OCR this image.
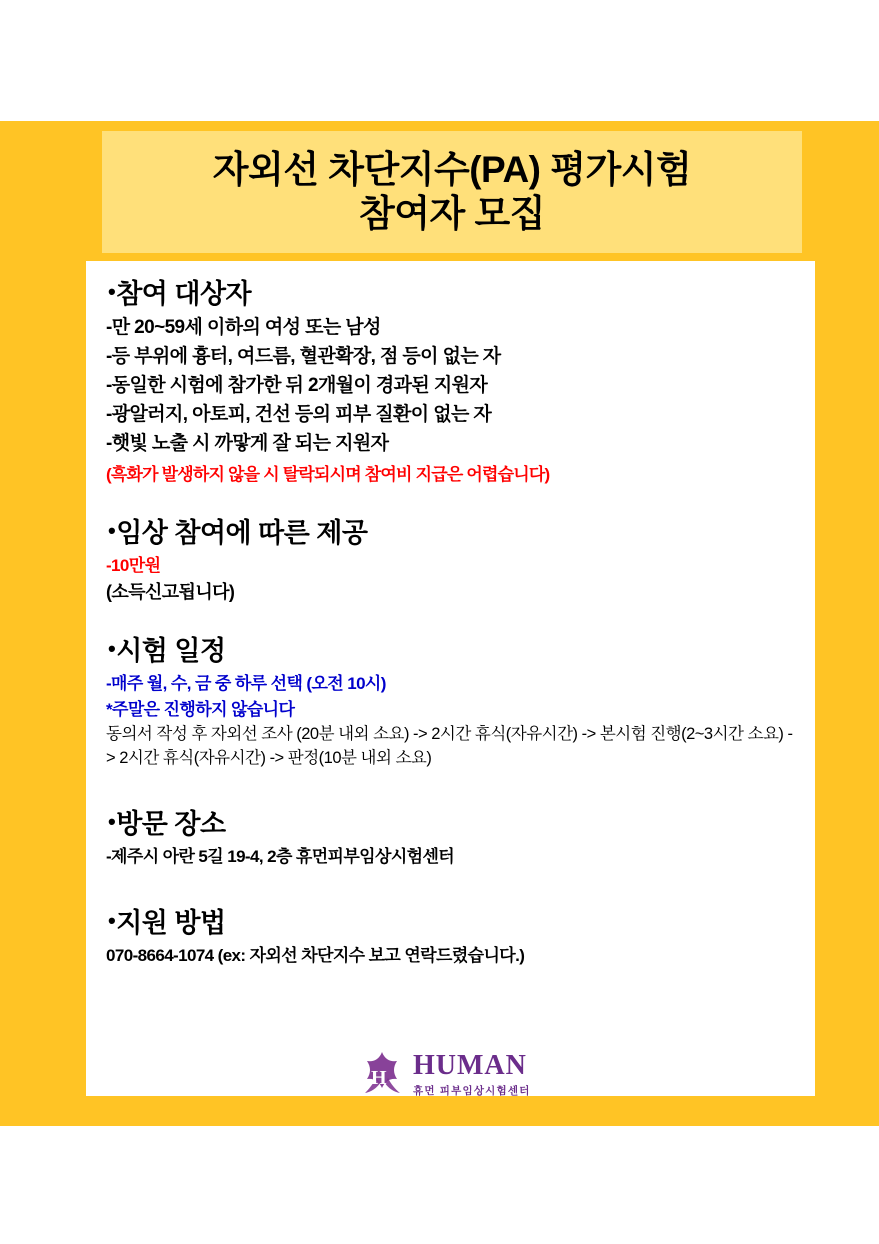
자외선 차단지수(PA) 평가시험
참여자 모집
•참여 대상자
-만 20~59세 이하의 여성 또는 남성
-등 부위에 흉터, 여드름, 혈관확장, 점 등이 없는 자
-동일한 시험에 참가한 뒤 2개월이 경과된 지원자
-광알러지, 아토피, 건선 등의 피부 질환이 없는 자
-햇빛 노출 시 까맣게 잘 되는 지원자
(흑화가 발생하지 않을 시 탈락되시며 참여비 지급은 어렵습니다)
•임상 참여에 따른 제공
-10만원
(소득신고됩니다)
•시험 일정
-매주 월, 수, 금 중 하루 선택 (오전 10시)
*주말은 진행하지 않습니다
동의서 작성 후 자외선 조사 (20분 내외 소요) -> 2시간 휴식(자유시간) -> 본시험 진행(2~3시간 소요) -> 2시간 휴식(자유시간) -> 판정(10분 내외 소요)
•방문 장소
-제주시 아란 5길 19-4, 2층 휴먼피부임상시험센터
•지원 방법
070-8664-1074 (ex: 자외선 차단지수 보고 연락드렸습니다.)
H HUMAN
휴먼 피부임상시험센터
